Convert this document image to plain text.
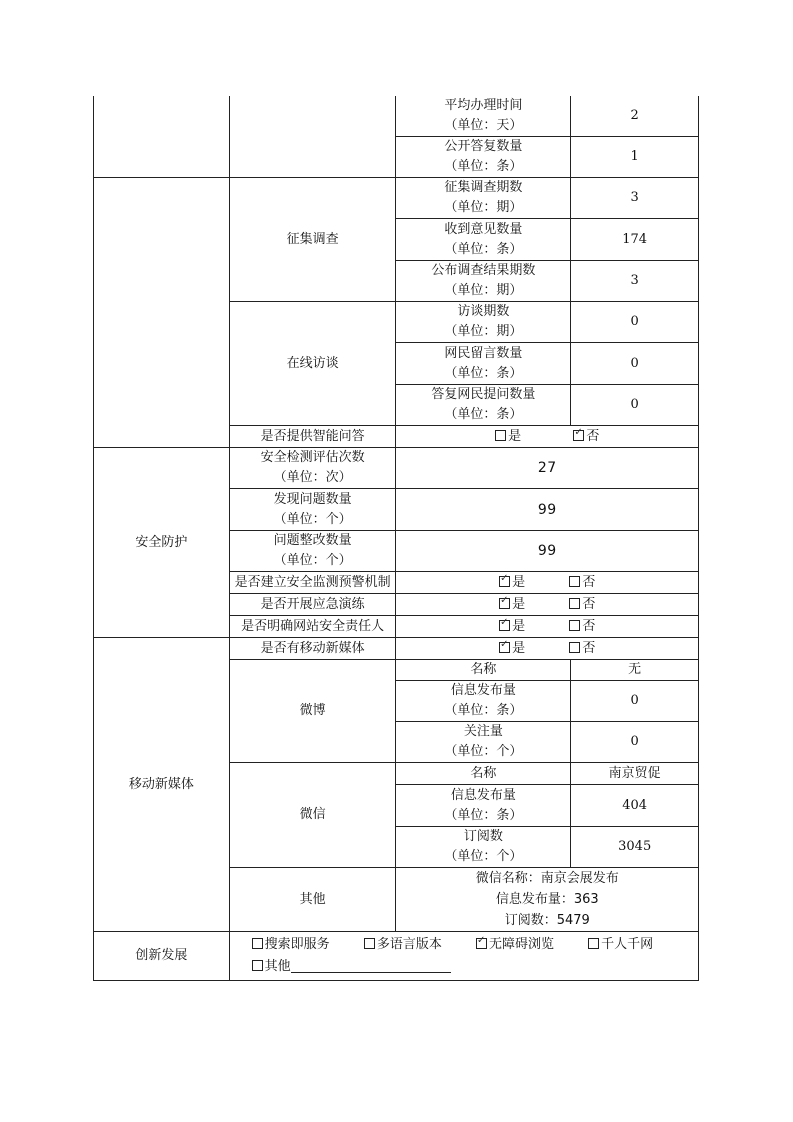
		平均办理时间
（单位：天）	2

		公开答复数量
（单位：条）	1
	征集调查	征集调查期数
（单位：期）	3

		收到意见数量
（单位：条）	174

		公布调查结果期数
（单位：期）	3
	在线访谈	访谈期数
（单位：期）	0

		网民留言数量
（单位：条）	0

		答复网民提问数量
（单位：条）	0
	是否提供智能问答	是 ✓ 否
安全防护	安全检测评估次数
（单位：次）	27	

	发现问题数量
（单位：个）	99	

	问题整改数量
（单位：个）	99	
	是否建立安全监测预警机制	✓是 否
	是否开展应急演练	✓是 否
	是否明确网站安全责任人	✓是 否
移动新媒体	是否有移动新媒体	✓是 否
	微博	名称	无

		信息发布量
（单位：条）	0

		关注量
（单位：个）	0
	微信	名称	南京贸促

		信息发布量
（单位：条）	404

		订阅数
（单位：个）	3045
	其他	微信名称：南京会展发布
信息发布量：363
订阅数：5479	

创新发展	搜索即服务 多语言版本 ✓ 无障碍浏览 千人千网
其他
